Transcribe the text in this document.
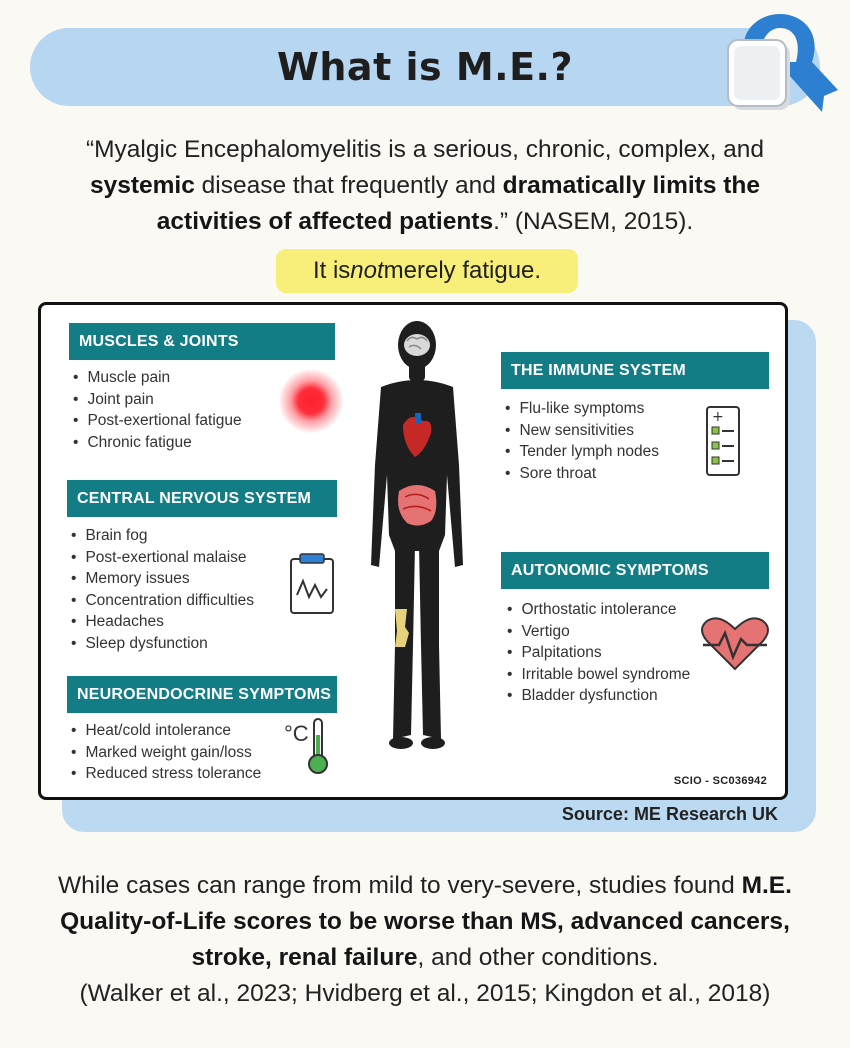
What is M.E.?

“Myalgic Encephalomyelitis is a serious, chronic, complex, and systemic disease that frequently and dramatically limits the activities of affected patients.” (NASEM, 2015).

It is not merely fatigue.
MUSCLES & JOINTS
• Muscle pain
• Joint pain
• Post-exertional fatigue
• Chronic fatigue
CENTRAL NERVOUS SYSTEM
• Brain fog
• Post-exertional malaise
• Memory issues
• Concentration difficulties
• Headaches
• Sleep dysfunction
NEUROENDOCRINE SYMPTOMS
• Heat/cold intolerance
• Marked weight gain/loss
• Reduced stress tolerance
°C
THE IMMUNE SYSTEM
• Flu-like symptoms
• New sensitivities
• Tender lymph nodes
• Sore throat
+
AUTONOMIC SYMPTOMS
• Orthostatic intolerance
• Vertigo
• Palpitations
• Irritable bowel syndrome
• Bladder dysfunction
SCIO - SC036942
Source: ME Research UK

While cases can range from mild to very-severe, studies found M.E. Quality-of-Life scores to be worse than MS, advanced cancers, stroke, renal failure, and other conditions.
(Walker et al., 2023; Hvidberg et al., 2015; Kingdon et al., 2018)
